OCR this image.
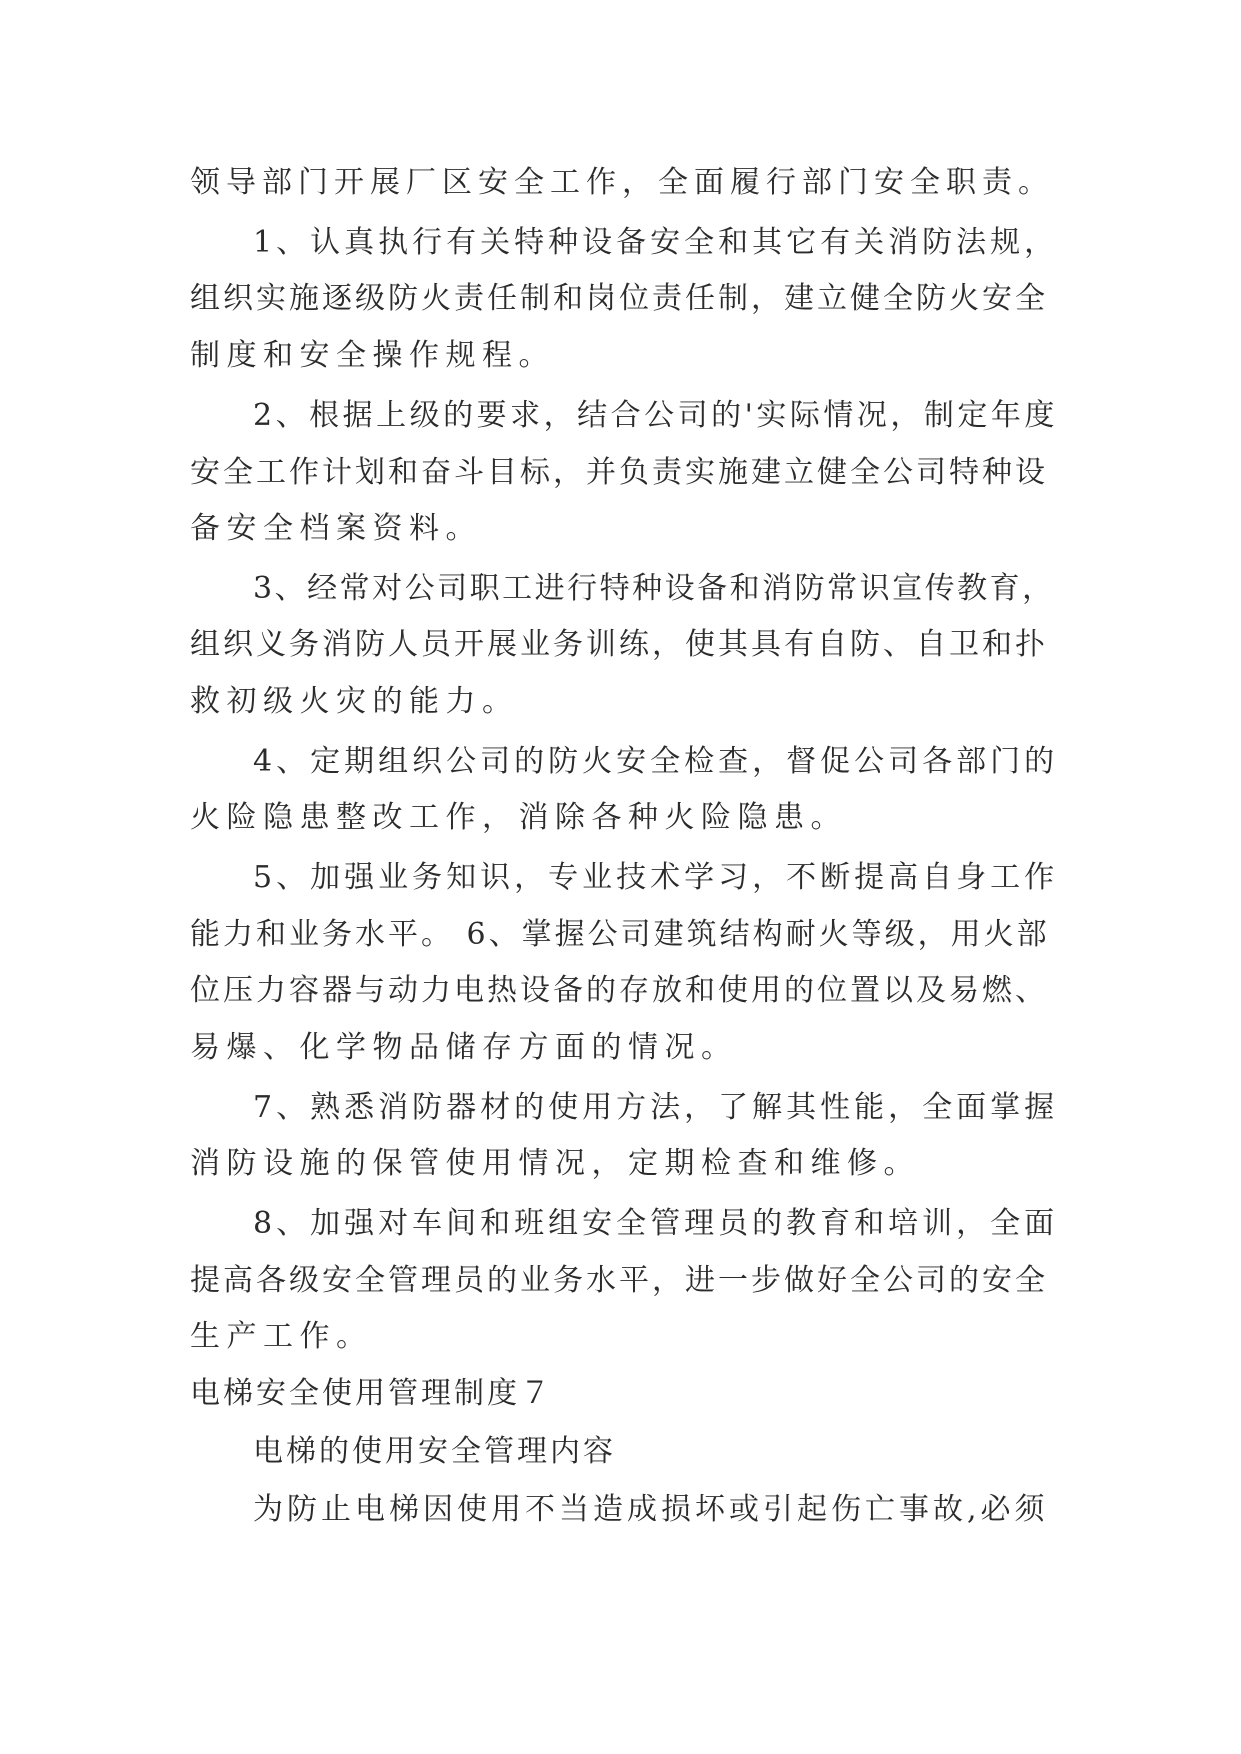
领导部门开展厂区安全工作，全面履行部门安全职责。
1、认真执行有关特种设备安全和其它有关消防法规，
组织实施逐级防火责任制和岗位责任制，建立健全防火安全
制度和安全操作规程。
2、根据上级的要求，结合公司的'实际情况，制定年度
安全工作计划和奋斗目标，并负责实施建立健全公司特种设
备安全档案资料。
3、经常对公司职工进行特种设备和消防常识宣传教育，
组织义务消防人员开展业务训练，使其具有自防、自卫和扑
救初级火灾的能力。
4、定期组织公司的防火安全检查，督促公司各部门的
火险隐患整改工作，消除各种火险隐患。
5、加强业务知识，专业技术学习，不断提高自身工作
能力和业务水平。 6、掌握公司建筑结构耐火等级，用火部
位压力容器与动力电热设备的存放和使用的位置以及易燃、
易爆、化学物品储存方面的情况。
7、熟悉消防器材的使用方法，了解其性能，全面掌握
消防设施的保管使用情况，定期检查和维修。
8、加强对车间和班组安全管理员的教育和培训，全面
提高各级安全管理员的业务水平，进一步做好全公司的安全
生产工作。
电梯安全使用管理制度７
电梯的使用安全管理内容
为防止电梯因使用不当造成损坏或引起伤亡事故,必须
